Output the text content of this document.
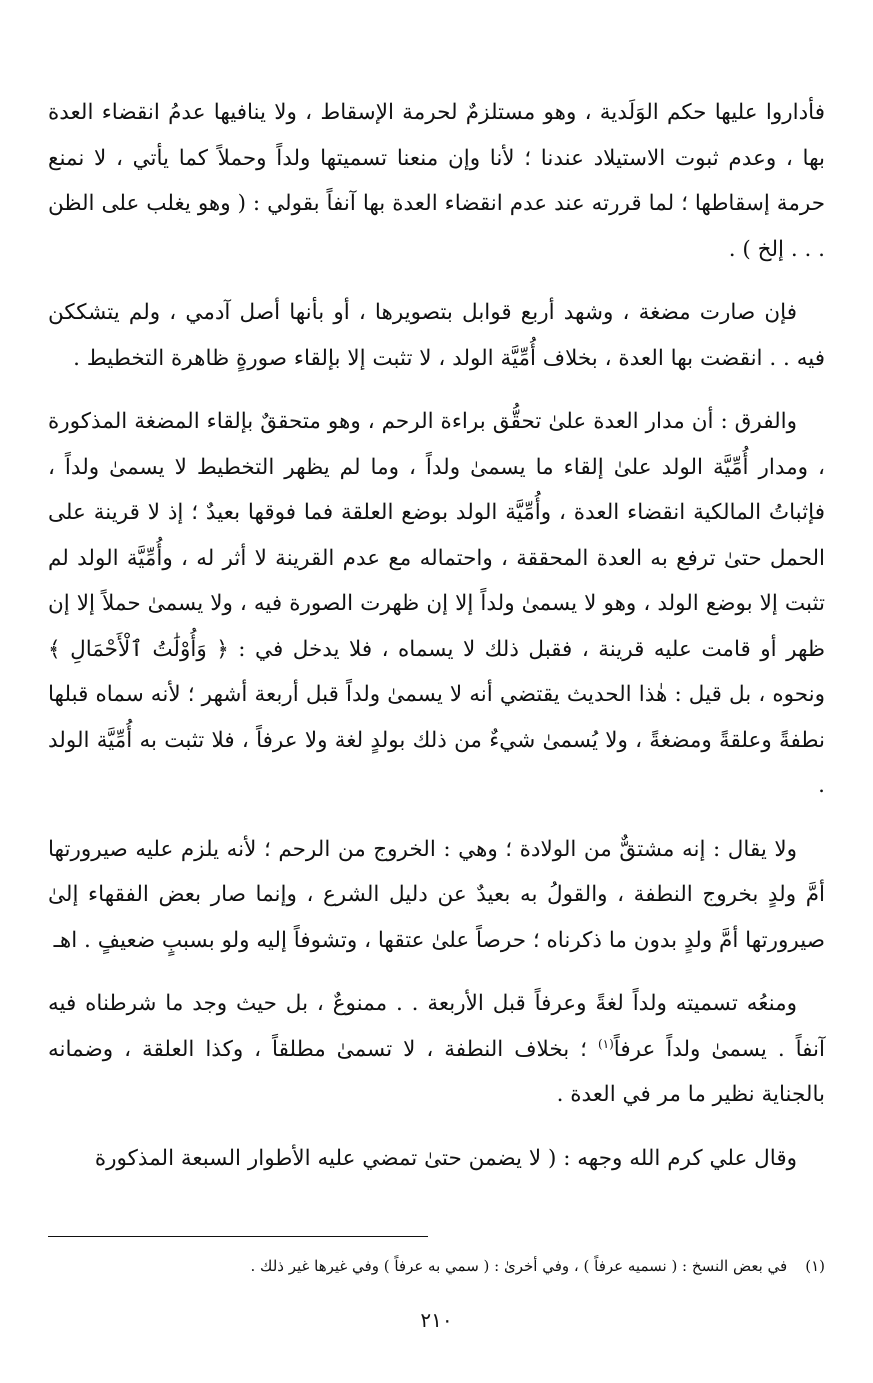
فأداروا عليها حكم الوَلَدية ، وهو مستلزمٌ لحرمة الإسقاط ، ولا ينافيها عدمُ انقضاء العدة بها ، وعدم ثبوت الاستيلاد عندنا ؛ لأنا وإن منعنا تسميتها ولداً وحملاً كما يأتي ، لا نمنع حرمة إسقاطها ؛ لما قررته عند عدم انقضاء العدة بها آنفاً بقولي : ( وهو يغلب على الظن . . . إلخ ) .

فإن صارت مضغة ، وشهد أربع قوابل بتصويرها ، أو بأنها أصل آدمي ، ولم يتشككن فيه . . انقضت بها العدة ، بخلاف أُمِّيَّة الولد ، لا تثبت إلا بإلقاء صورةٍ ظاهرة التخطيط .

والفرق : أن مدار العدة علىٰ تحقُّق براءة الرحم ، وهو متحققٌ بإلقاء المضغة المذكورة ، ومدار أُمِّيَّة الولد علىٰ إلقاء ما يسمىٰ ولداً ، وما لم يظهر التخطيط لا يسمىٰ ولداً ، فإثباتُ المالكية انقضاء العدة ، وأُمِّيَّة الولد بوضع العلقة فما فوقها بعيدٌ ؛ إذ لا قرينة على الحمل حتىٰ ترفع به العدة المحققة ، واحتماله مع عدم القرينة لا أثر له ، وأُمِّيَّة الولد لم تثبت إلا بوضع الولد ، وهو لا يسمىٰ ولداً إلا إن ظهرت الصورة فيه ، ولا يسمىٰ حملاً إلا إن ظهر أو قامت عليه قرينة ، فقبل ذلك لا يسماه ، فلا يدخل في : ﴿ وَأُوْلَٰتُ ٱلْأَحْمَالِ ﴾ ونحوه ، بل قيل : هٰذا الحديث يقتضي أنه لا يسمىٰ ولداً قبل أربعة أشهر ؛ لأنه سماه قبلها نطفةً وعلقةً ومضغةً ، ولا يُسمىٰ شيءٌ من ذلك بولدٍ لغة ولا عرفاً ، فلا تثبت به أُمِّيَّة الولد .

ولا يقال : إنه مشتقٌّ من الولادة ؛ وهي : الخروج من الرحم ؛ لأنه يلزم عليه صيرورتها أمَّ ولدٍ بخروج النطفة ، والقولُ به بعيدٌ عن دليل الشرع ، وإنما صار بعض الفقهاء إلىٰ صيرورتها أمَّ ولدٍ بدون ما ذكرناه ؛ حرصاً علىٰ عتقها ، وتشوفاً إليه ولو بسببٍ ضعيفٍ . اهـ

ومنعُه تسميته ولداً لغةً وعرفاً قبل الأربعة . . ممنوعٌ ، بل حيث وجد ما شرطناه فيه آنفاً . يسمىٰ ولداً عرفاً$^{(١)}$ ؛ بخلاف النطفة ، لا تسمىٰ مطلقاً ، وكذا العلقة ، وضمانه بالجناية نظير ما مر في العدة .

وقال علي كرم الله وجهه : ( لا يضمن حتىٰ تمضي عليه الأطوار السبعة المذكورة

(١)في بعض النسخ : ( نسميه عرفاً ) ، وفي أخرىٰ : ( سمي به عرفاً ) وفي غيرها غير ذلك .
٢١٠
